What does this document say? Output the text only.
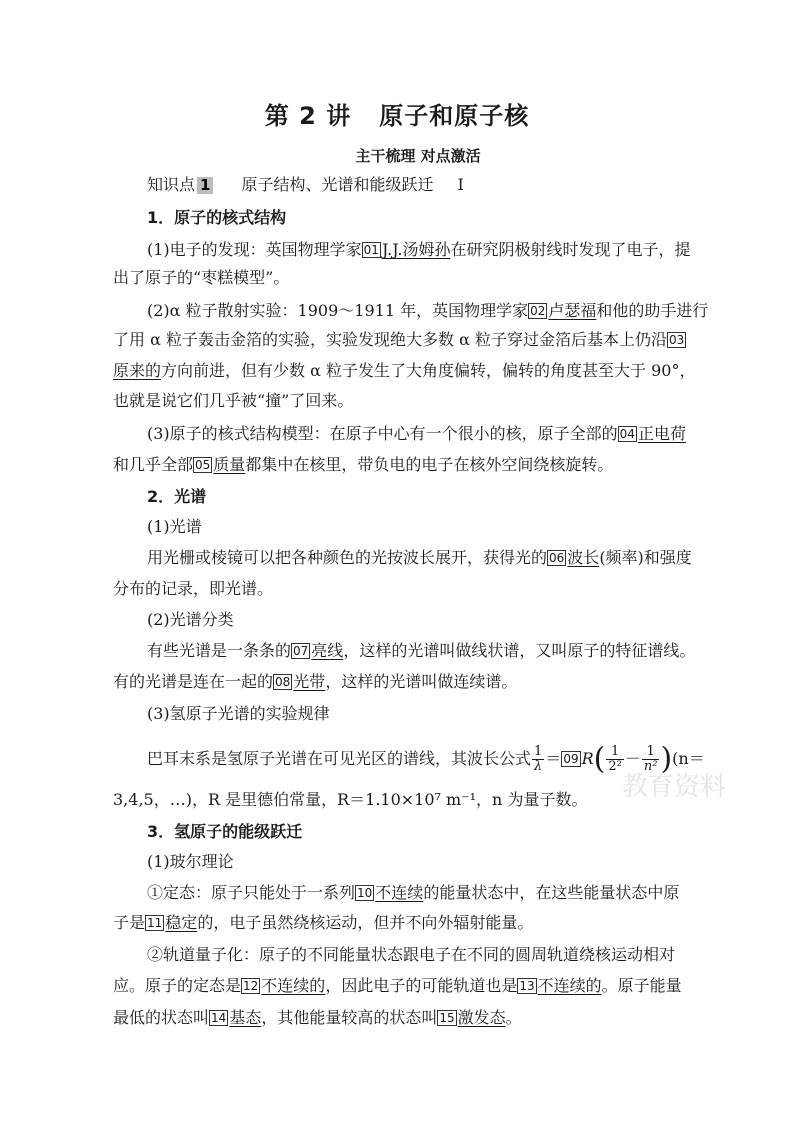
第 2 讲 原子和原子核
主干梳理 对点激活
知识点 1 原子结构、光谱和能级跃迁 Ⅰ
1．原子的核式结构
(1)电子的发现：英国物理学家 01 J.J.汤姆孙在研究阴极射线时发现了电子，提
出了原子的“枣糕模型”。
(2)α 粒子散射实验：1909～1911 年，英国物理学家 02 卢瑟福和他的助手进行
了用 α 粒子轰击金箔的实验，实验发现绝大多数 α 粒子穿过金箔后基本上仍沿 03
原来的方向前进，但有少数 α 粒子发生了大角度偏转，偏转的角度甚至大于 90°，
也就是说它们几乎被“撞”了回来。
(3)原子的核式结构模型：在原子中心有一个很小的核，原子全部的 04 正电荷
和几乎全部 05 质量都集中在核里，带负电的电子在核外空间绕核旋转。
2．光谱
(1)光谱
用光栅或棱镜可以把各种颜色的光按波长展开，获得光的 06 波长(频率)和强度
分布的记录，即光谱。
(2)光谱分类
有些光谱是一条条的 07 亮线，这样的光谱叫做线状谱，又叫原子的特征谱线。
有的光谱是连在一起的 08 光带，这样的光谱叫做连续谱。
(3)氢原子光谱的实验规律
巴耳末系是氢原子光谱在可见光区的谱线，其波长公式 $\frac{1}{\lambda} = 09$ $R( \frac{1}{\text{2²}} - \frac{1}{\text{n²}} )(n=$
3,4,5，…)，R 是里德伯常量，R＝1.10×10⁷ m⁻¹，n 为量子数。
3．氢原子的能级跃迁
(1)玻尔理论
①定态：原子只能处于一系列 10 不连续的能量状态中，在这些能量状态中原
子是 11 稳定的，电子虽然绕核运动，但并不向外辐射能量。
②轨道量子化：原子的不同能量状态跟电子在不同的圆周轨道绕核运动相对
应。原子的定态是 12 不连续的，因此电子的可能轨道也是 13 不连续的。原子能量
最低的状态叫 14 基态，其他能量较高的状态叫 15 激发态。
教育资料
